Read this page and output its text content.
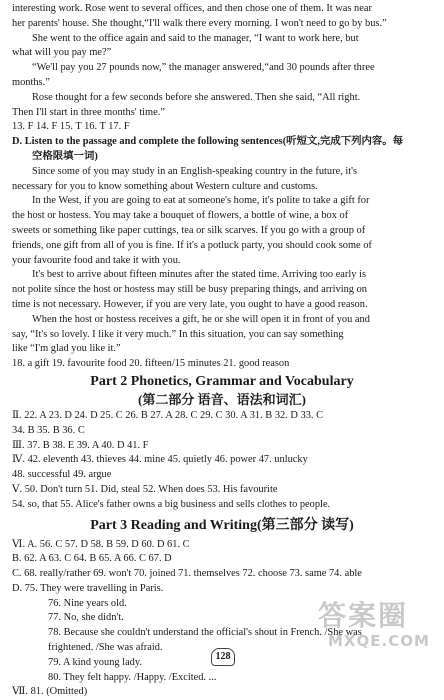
interesting work. Rose went to several offices, and then chose one of them. It was near
her parents' house. She thought,“I'll walk there every morning. I won't need to go by bus.”
She went to the office again and said to the manager, “I want to work here, but
what will you pay me?”
“We'll pay you 27 pounds now,” the manager answered,“and 30 pounds after three
months.”
Rose thought for a few seconds before she answered. Then she said, “All right.
Then I'll start in three months' time.”
13. F 14. F 15. T 16. T 17. F
D. Listen to the passage and complete the following sentences(听短文,完成下列内容。每
空格限填一词)
Since some of you may study in an English-speaking country in the future, it's
necessary for you to know something about Western culture and customs.
In the West, if you are going to eat at someone's home, it's polite to take a gift for
the host or hostess. You may take a bouquet of flowers, a bottle of wine, a box of
sweets or something like paper cuttings, tea or silk scarves. If you go with a group of
friends, one gift from all of you is fine. If it's a potluck party, you should cook some of
your favourite food and take it with you.
It's best to arrive about fifteen minutes after the stated time. Arriving too early is
not polite since the host or hostess may still be busy preparing things, and arriving on
time is not necessary. However, if you are very late, you ought to have a good reason.
When the host or hostess receives a gift, he or she will open it in front of you and
say, “It's so lovely. I like it very much.” In this situation, you can say something
like “I'm glad you like it.”
18. a gift 19. favourite food 20. fifteen/15 minutes 21. good reason
Part 2 Phonetics, Grammar and Vocabulary
(第二部分 语音、语法和词汇)
Ⅱ. 22. A 23. D 24. D 25. C 26. B 27. A 28. C 29. C 30. A 31. B 32. D 33. C
34. B 35. B 36. C
Ⅲ. 37. B 38. E 39. A 40. D 41. F
Ⅳ. 42. eleventh 43. thieves 44. mine 45. quietly 46. power 47. unlucky
48. successful 49. argue
Ⅴ. 50. Don't turn 51. Did, steal 52. When does 53. His favourite
54. so, that 55. Alice's father owns a big business and sells clothes to people.
Part 3 Reading and Writing(第三部分 读写)
Ⅵ. A. 56. C 57. D 58. B 59. D 60. D 61. C
B. 62. A 63. C 64. B 65. A 66. C 67. D
C. 68. really/rather 69. won't 70. joined 71. themselves 72. choose 73. same 74. able
D. 75. They were travelling in Paris.
76. Nine years old.
77. No, she didn't.
78. Because she couldn't understand the official's shout in French. /She was
frightened. /She was afraid.
79. A kind young lady.
80. They felt happy. /Happy. /Excited. ...
Ⅶ. 81. (Omitted)
128
答案圈
MXQE.COM
